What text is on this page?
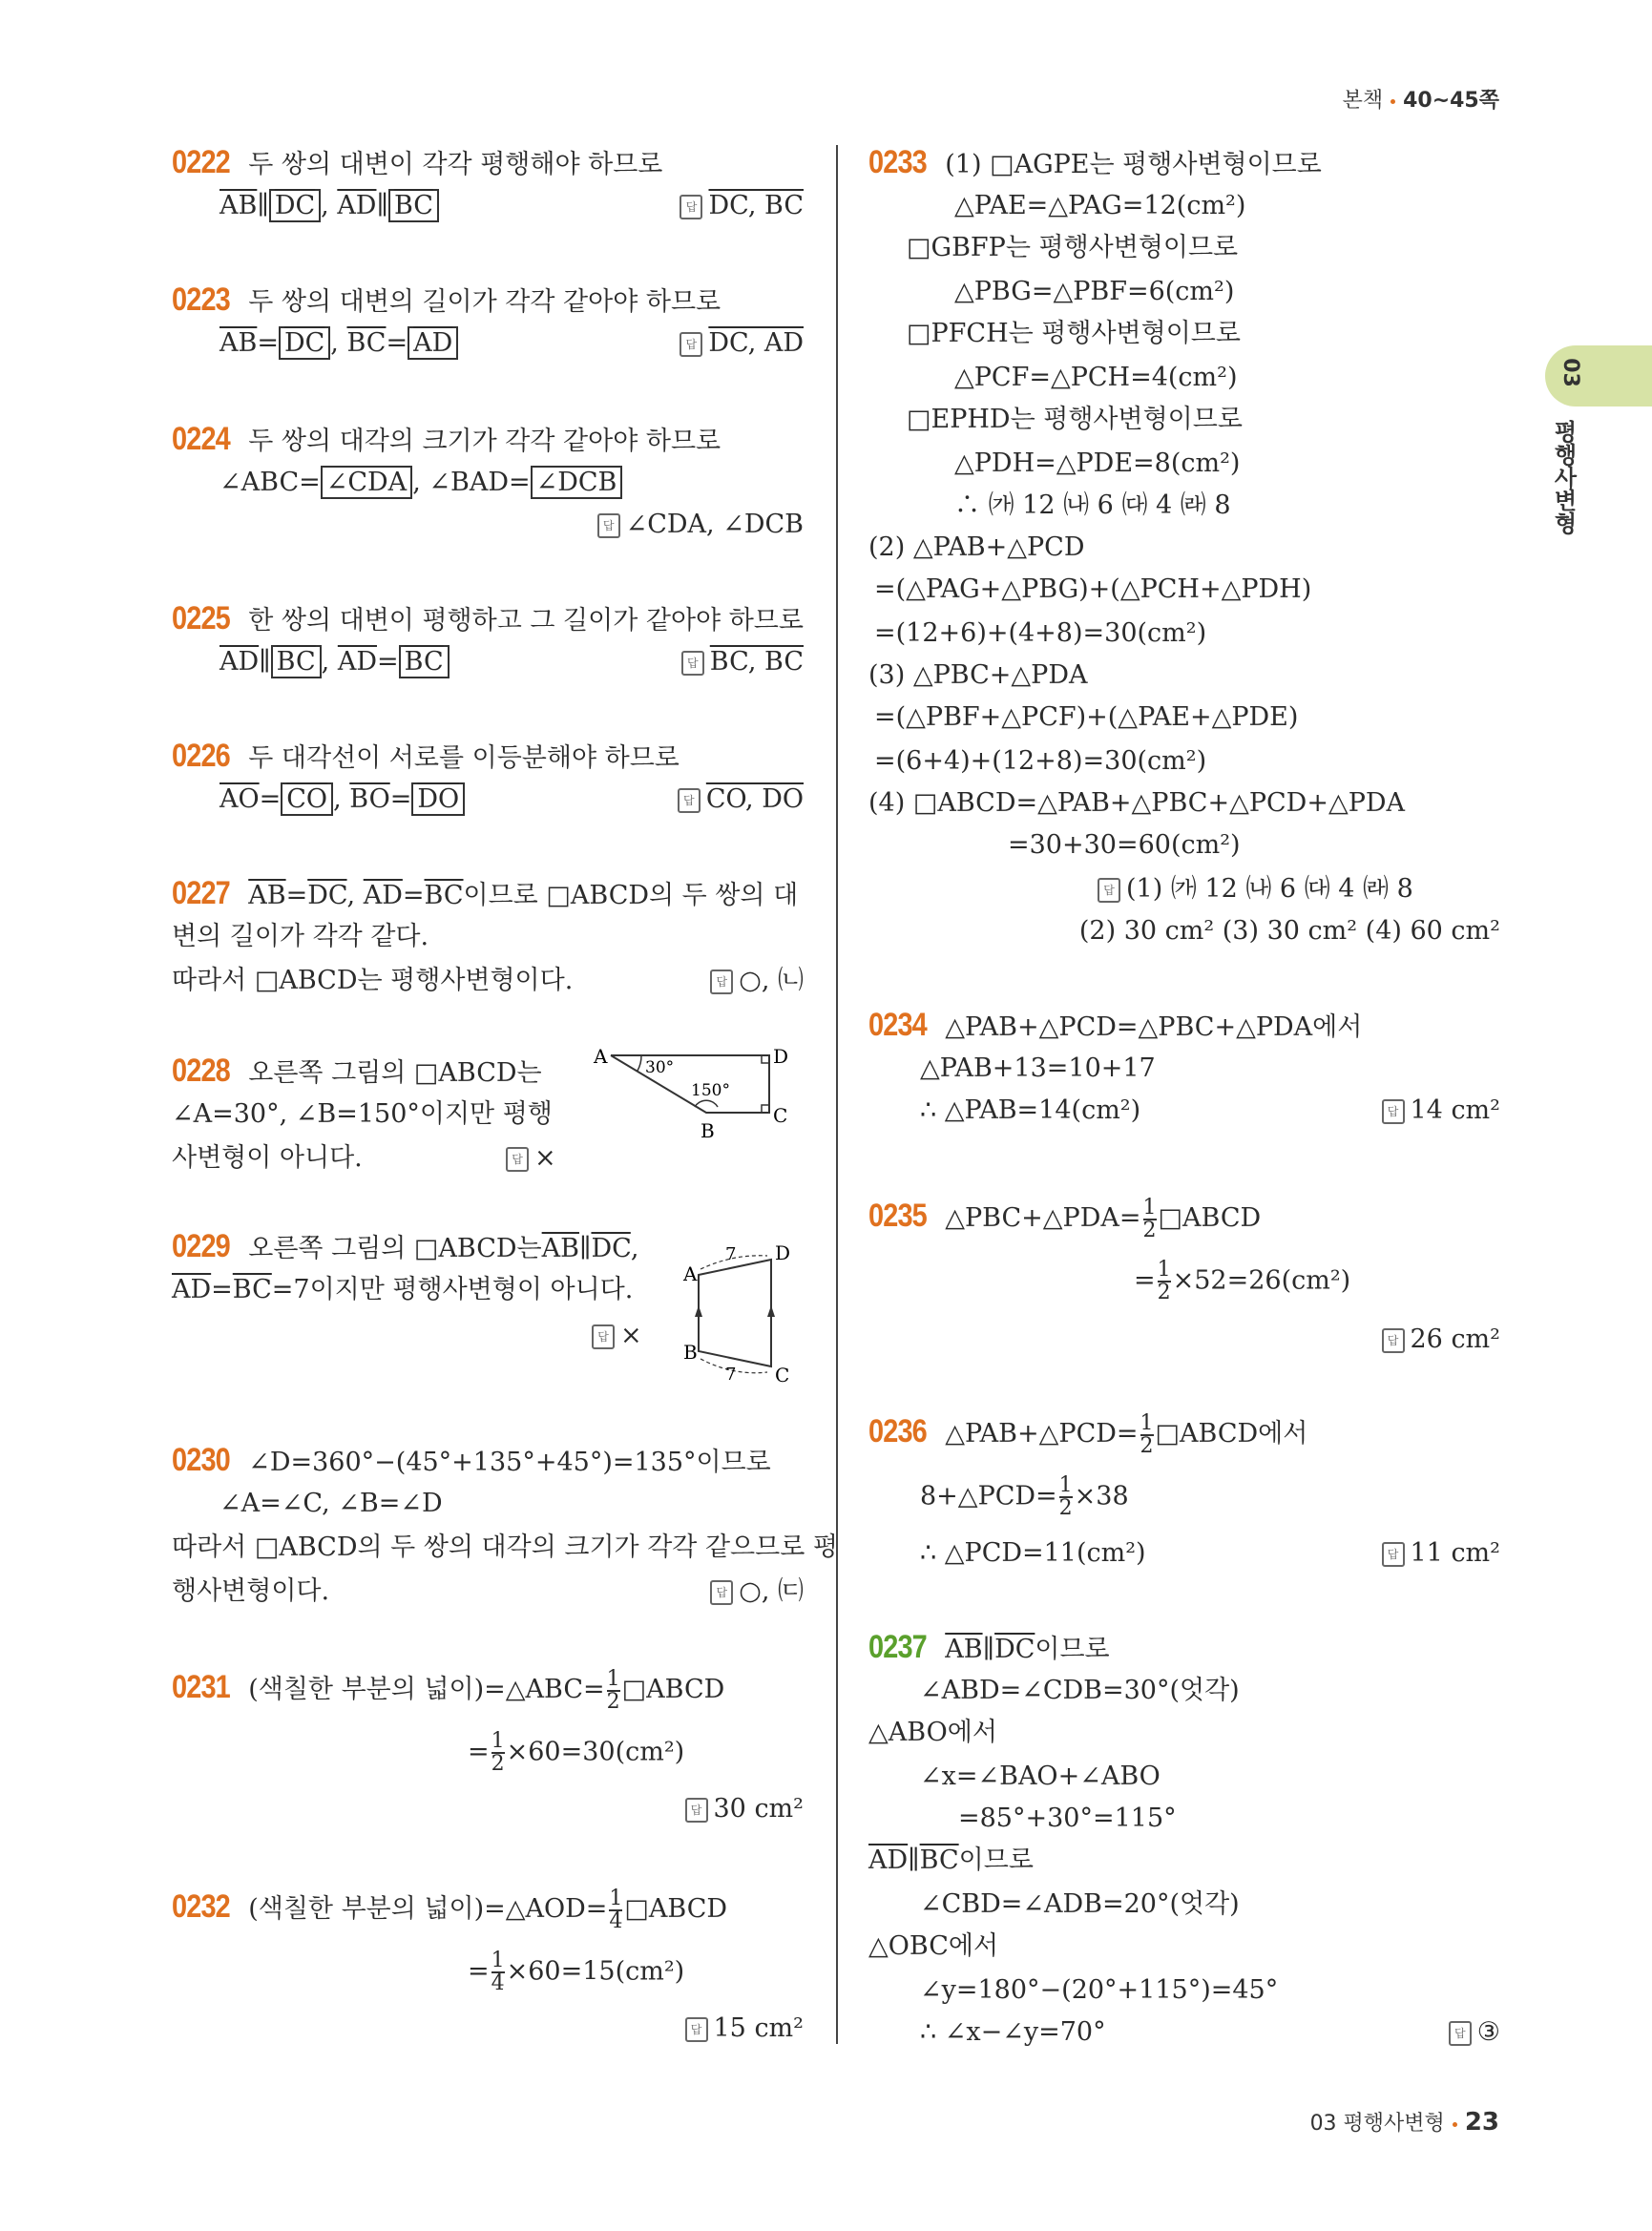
본책 40~45쪽
03
평행사변형
0222 두 쌍의 대변이 각각 평행해야 하므로
$\overline{AB}\parallel$ $\overline{DC}$ , $\overline{AD}\parallel$ $\overline{BC}$	답 DC, BC
0223 두 쌍의 대변의 길이가 각각 같아야 하므로
$\overline{AB}= \overline{DC}$ , $\overline{BC}= \overline{AD}$	답 DC, AD
0224 두 쌍의 대각의 크기가 각각 같아야 하므로
∠ABC= ∠CDA , ∠BAD= ∠DCB
답 ∠CDA, ∠DCB
0225 한 쌍의 대변이 평행하고 그 길이가 같아야 하므로
$\overline{AD}\parallel$ $\overline{BC}$ , $\overline{AD}= \overline{BC}$	답 BC, BC
0226 두 대각선이 서로를 이등분해야 하므로
$\overline{AO}= \overline{CO}$ , $\overline{BO}= \overline{DO}$	답 CO, DO
0227 $\overline{AB}=\overline{DC}$, $\overline{AD}=\overline{BC}$이므로 □ABCD의 두 쌍의 대
변의 길이가 각각 같다.
따라서 □ABCD는 평행사변형이다.	답 ○, ㈁
0228 오른쪽 그림의 □ABCD는
∠A=30°, ∠B=150°이지만 평행
사변형이 아니다.	답 ×
A	D
C
B
30°
150°
0229 오른쪽 그림의 □ABCD는$\overline{AB}\parallel\overline{DC}$,
$\overline{AD}=\overline{BC}=7$이지만 평행사변형이 아니다.
답 ×
A
D
B
C
7
7
0230 ∠D=360°−(45°+135°+45°)=135°이므로
∠A=∠C, ∠B=∠D
따라서 □ABCD의 두 쌍의 대각의 크기가 각각 같으므로 평
행사변형이다.	답 ○, ㈂
0231 (색칠한 부분의 넓이)=△ABC= $\frac{1}{2}$ □ABCD
= $\frac{1}{2} \times 60=30(cm^2)$
답 30 cm²
0232 (색칠한 부분의 넓이)=△AOD= $\frac{1}{4}$ □ABCD
= $\frac{1}{4} \times 60=15(cm^2)$
답 15 cm²
0233 (1) □AGPE는 평행사변형이므로
△PAE=△PAG=12(cm²)
□GBFP는 평행사변형이므로
△PBG=△PBF=6(cm²)
□PFCH는 평행사변형이므로
△PCF=△PCH=4(cm²)
□EPHD는 평행사변형이므로
△PDH=△PDE=8(cm²)
∴ ㈎ 12 ㈏ 6 ㈐ 4 ㈑ 8
(2) △PAB+△PCD
=(△PAG+△PBG)+(△PCH+△PDH)
=(12+6)+(4+8)=30(cm²)
(3) △PBC+△PDA
=(△PBF+△PCF)+(△PAE+△PDE)
=(6+4)+(12+8)=30(cm²)
(4) □ABCD=△PAB+△PBC+△PCD+△PDA
=30+30=60(cm²)
답 (1) ㈎ 12 ㈏ 6 ㈐ 4 ㈑ 8
(2) 30 cm² (3) 30 cm² (4) 60 cm²
0234 △PAB+△PCD=△PBC+△PDA에서
△PAB+13=10+17
∴ △PAB=14(cm²)	답 14 cm²
0235 △PBC+△PDA= $\frac{1}{2}$ □ABCD
= $\frac{1}{2} \times 52=26(cm^2)$
답 26 cm²
0236 △PAB+△PCD= $\frac{1}{2}$ □ABCD에서
8+△PCD= $\frac{1}{2} \times 38$
∴ △PCD=11(cm²)	답 11 cm²
0237 $\overline{AB}\parallel\overline{DC}$이므로
∠ABD=∠CDB=30°(엇각)
△ABO에서
∠x=∠BAO+∠ABO
=85°+30°=115°
$\overline{AD}\parallel\overline{BC}$이므로
∠CBD=∠ADB=20°(엇각)
△OBC에서
∠y=180°−(20°+115°)=45°
∴ ∠x−∠y=70°	답 ③
03 평행사변형 23
